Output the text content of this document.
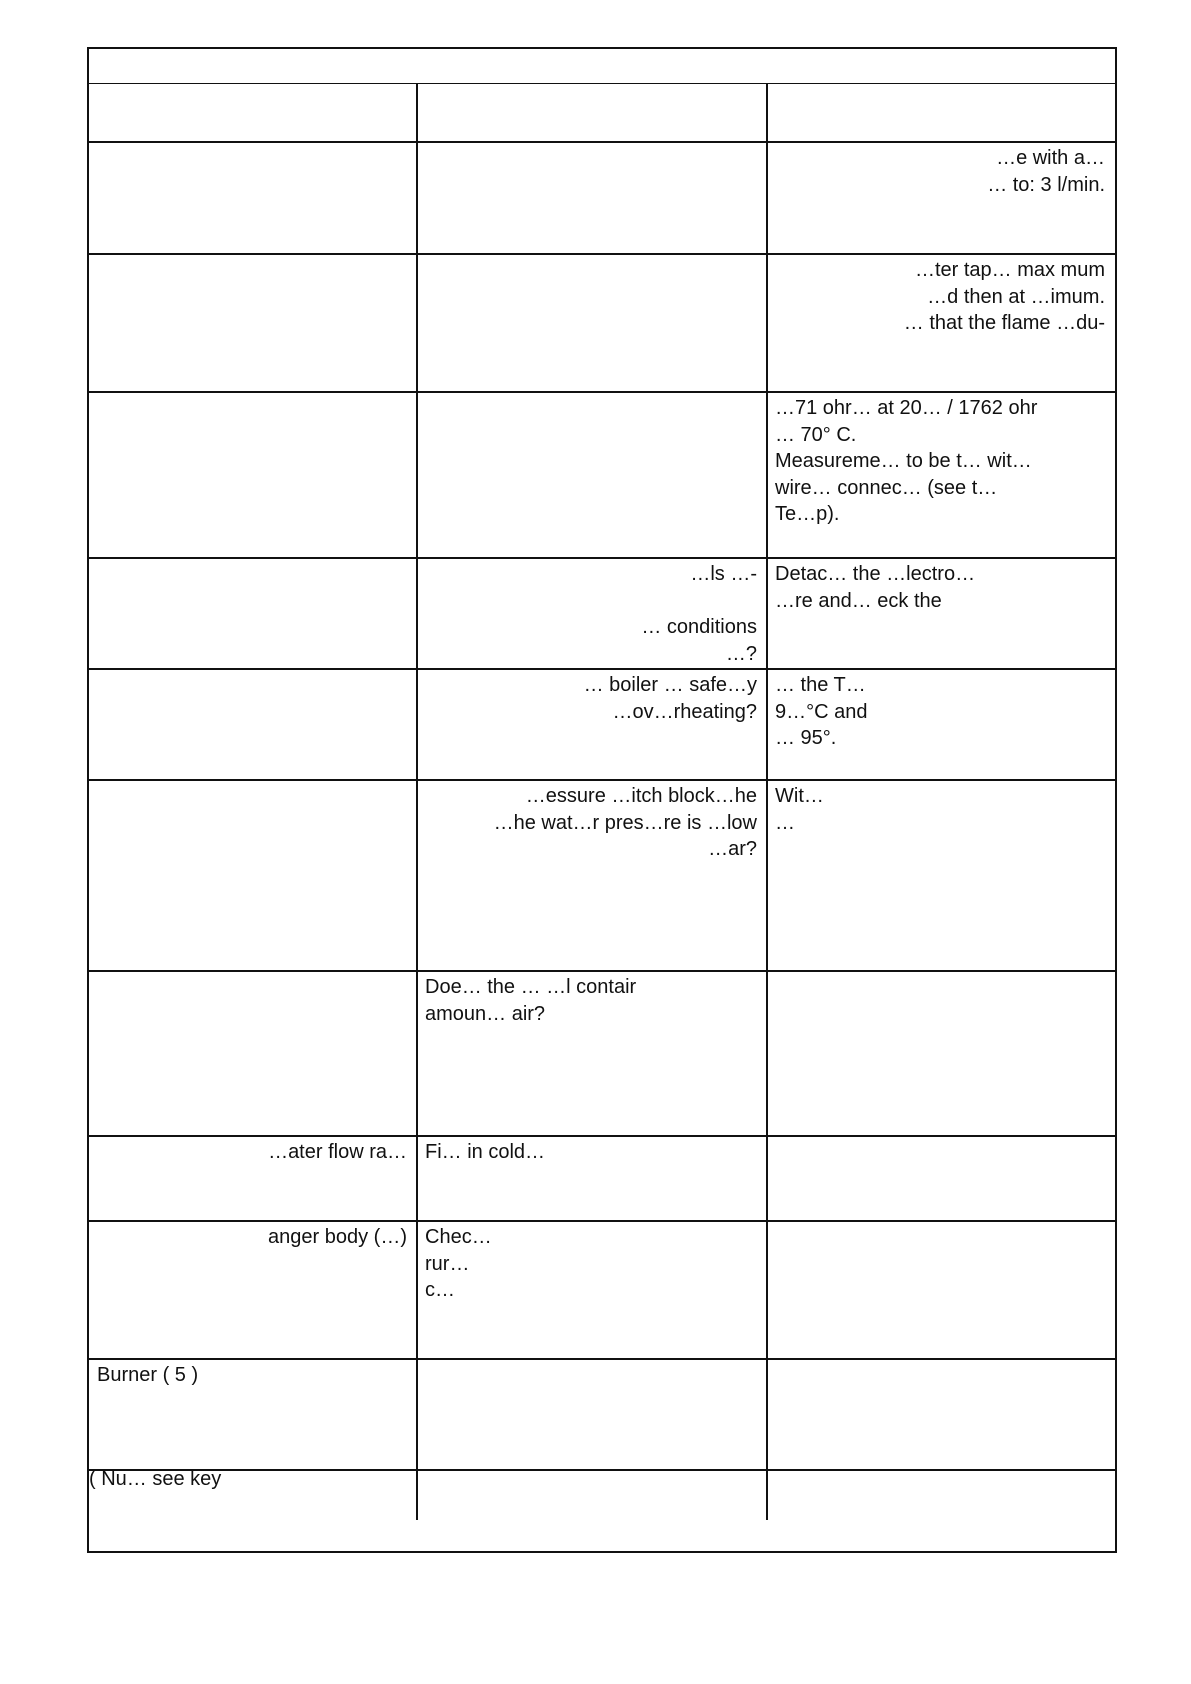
…e with a…
… to: 3 l/min.
…ter tap… max mum
…d then at …imum.
… that the flame …du-
…71 ohr… at 20… / 1762 ohr
… 70° C.
Measureme… to be t… wit…
wire… connec… (see t…
Te…p).
…ls …-

… conditions
…?
Detac… the …lectro…
…re and… eck the
… boiler … safe…y
…ov…rheating?
… the T…
9…°C and
… 95°.
…essure …itch block…he
…he wat…r pres…re is …low
…ar?
Wit…
…
Doe… the … …l contair
amoun… air?
…ater flow ra… Fi… in cold…
anger body (…) Chec…
rur…
c…
Burner ( 5 )
( Nu… see key
